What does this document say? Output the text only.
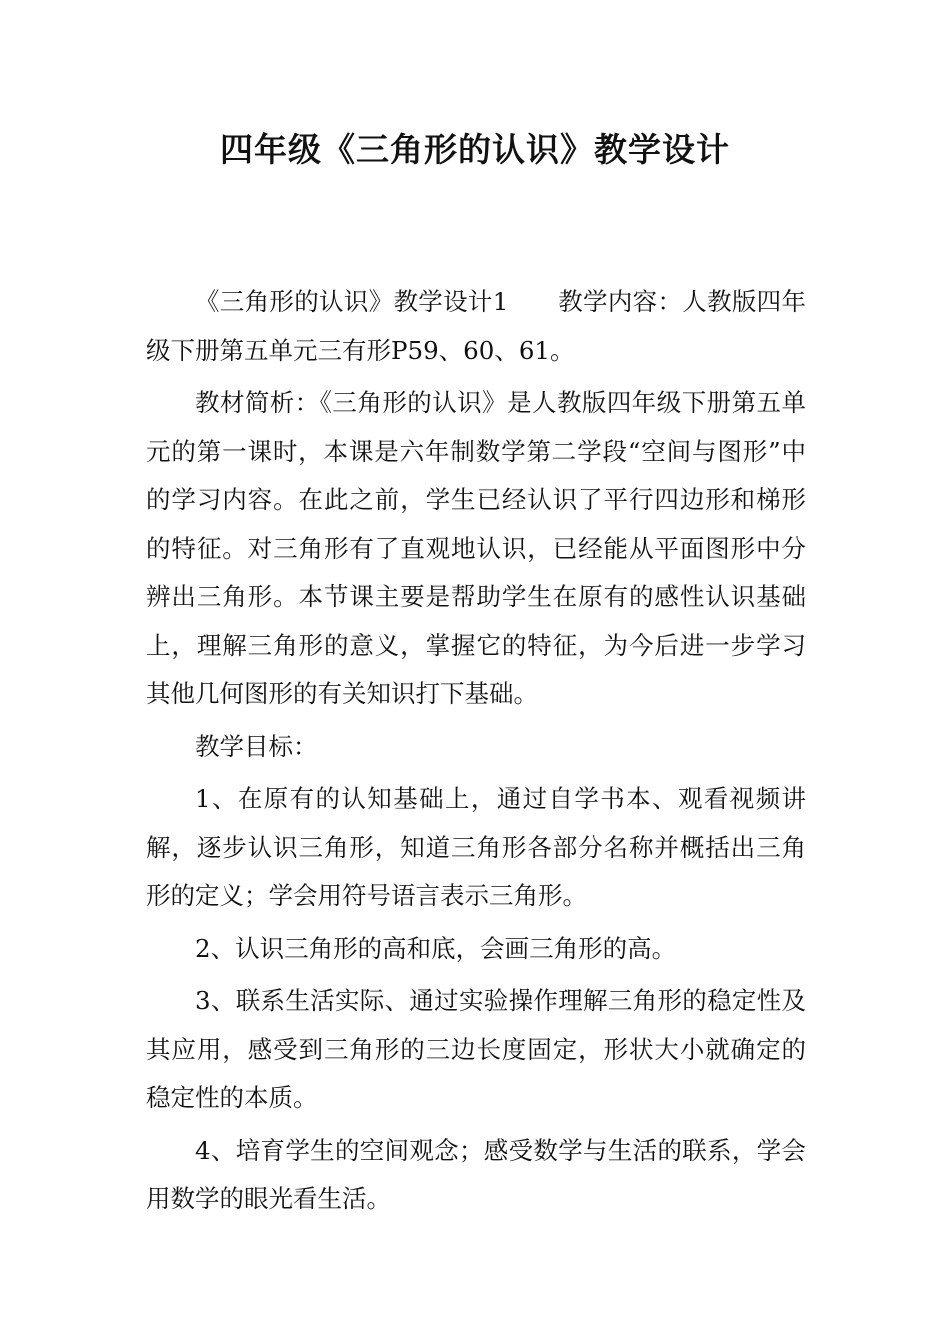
四年级《三角形的认识》教学设计

《三角形的认识》教学设计1　　教学内容：人教版四年级下册第五单元三有形P59、60、61。

教材简析：《三角形的认识》是人教版四年级下册第五单元的第一课时，本课是六年制数学第二学段“空间与图形”中的学习内容。在此之前，学生已经认识了平行四边形和梯形的特征。对三角形有了直观地认识，已经能从平面图形中分辨出三角形。本节课主要是帮助学生在原有的感性认识基础上，理解三角形的意义，掌握它的特征，为今后进一步学习其他几何图形的有关知识打下基础。

教学目标：

1、在原有的认知基础上，通过自学书本、观看视频讲解，逐步认识三角形，知道三角形各部分名称并概括出三角形的定义；学会用符号语言表示三角形。

2、认识三角形的高和底，会画三角形的高。

3、联系生活实际、通过实验操作理解三角形的稳定性及其应用，感受到三角形的三边长度固定，形状大小就确定的稳定性的本质。

4、培育学生的空间观念；感受数学与生活的联系，学会用数学的眼光看生活。
